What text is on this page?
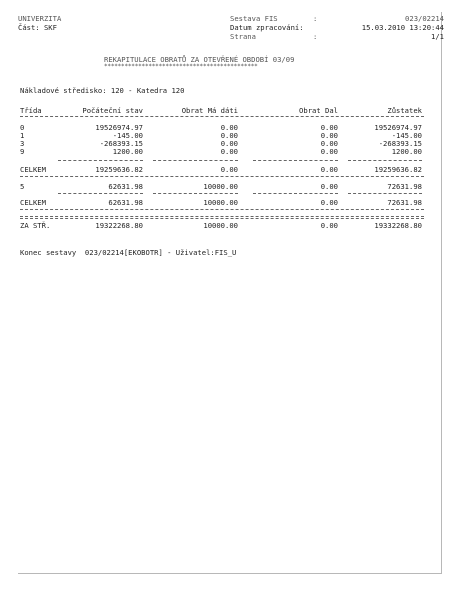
UNIVERZITA
Část: SKF
Sestava FIS	:	023/02214
Datum zpracování:	15.03.2010 13:20:44
Strana	:	1/1
REKAPITULACE OBRATŮ ZA OTEVŘENÉ OBDOBÍ 03/09
*********************************************
Nákladové středisko: 120 - Katedra 120
Třída	Počáteční stav	Obrat Má dáti	Obrat Dal	Zůstatek
0	19526974.97	0.00	0.00	19526974.97
1	-145.00	0.00	0.00	-145.00
3	-268393.15	0.00	0.00	-268393.15
9	1200.00	0.00	0.00	1200.00
CELKEM	19259636.82	0.00	0.00	19259636.82
5	62631.98	10000.00	0.00	72631.98
CELKEM	62631.98	10000.00	0.00	72631.98
ZA STŘ.	19322268.80	10000.00	0.00	19332268.80
Konec sestavy  023/02214[EKOBOTR] - Uživatel:FIS_U
